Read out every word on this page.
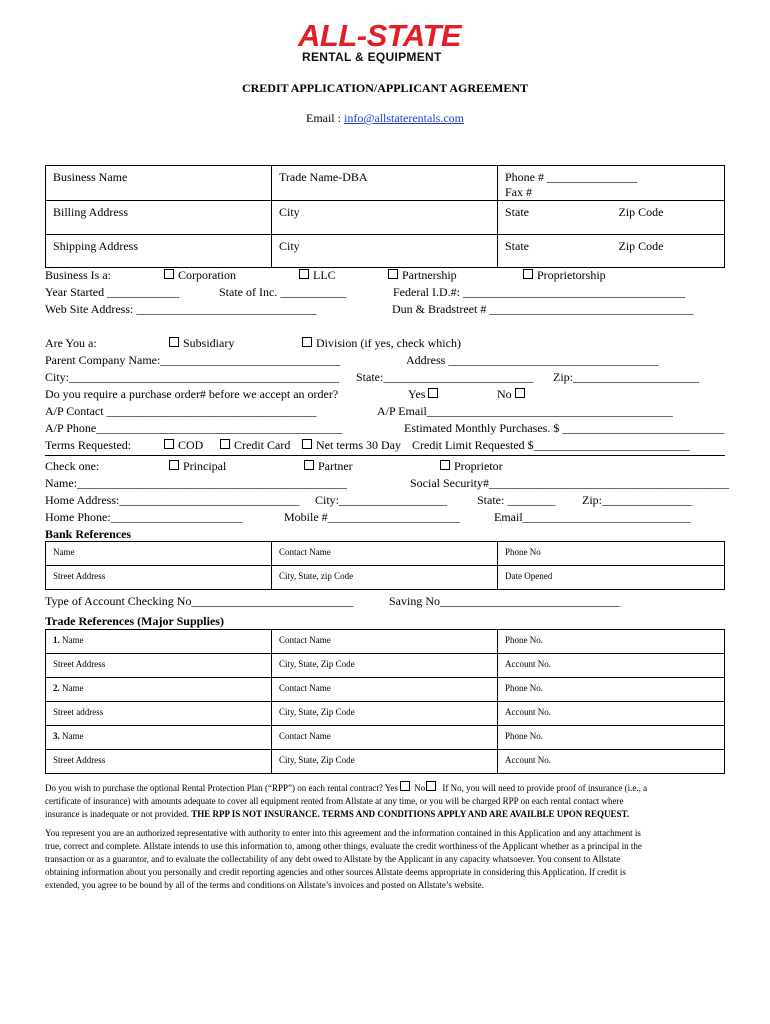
ALL-STATE
RENTAL & EQUIPMENT
CREDIT APPLICATION/APPLICANT AGREEMENT
Email : info@allstaterentals.com
Business Name	Trade Name-DBA	Phone # _______________
Fax #

Billing Address	City	State Zip Code

Shipping Address	City	State Zip Code
Business Is a:	Corporation	LLC	Partnership	Proprietorship
Year Started ____________	State of Inc. ___________	Federal I.D.#: _____________________________________
Web Site Address: ______________________________	Dun & Bradstreet # __________________________________
Are You a:	Subsidiary	Division (if yes, check which)
Parent Company Name:______________________________	Address ___________________________________
City:_____________________________________________ State:_________________________ Zip:_____________________
Do you require a purchase order# before we accept an order?	Yes	No
A/P Contact ___________________________________	A/P Email_________________________________________
A/P Phone_________________________________________	Estimated Monthly Purchases. $ ___________________________
Terms Requested:	COD	Credit Card	Net terms 30 Day Credit Limit Requested $__________________________
Check one:	Principal	Partner	Proprietor
Name:_____________________________________________	Social Security#________________________________________
Home Address:______________________________ City:__________________ State: ________ Zip:_______________
Home Phone:______________________	Mobile #______________________	Email____________________________
Bank References
Name	Contact Name	Phone No
Street Address	City, State, zip Code	Date Opened
Type of Account Checking No___________________________	Saving No______________________________
Trade References (Major Supplies)
1. Name	Contact Name	Phone No.
Street Address	City, State, Zip Code	Account No.
2. Name	Contact Name	Phone No.
Street address	City, State, Zip Code	Account No.
3. Name	Contact Name	Phone No.
Street Address	City, State, Zip Code	Account No.
Do you wish to purchase the optional Rental Protection Plan (“RPP”) on each rental contract? Yes No If No, you will need to provide proof of insurance (i.e., a
certificate of insurance) with amounts adequate to cover all equipment rented from Allstate at any time, or you will be charged RPP on each rental contact where
insurance is inadequate or not provided. THE RPP IS NOT INSURANCE. TERMS AND CONDITIONS APPLY AND ARE AVAILBLE UPON REQUEST.
You represent you are an authorized representative with authority to enter into this agreement and the information contained in this Application and any attachment is
true, correct and complete. Allstate intends to use this information to, among other things, evaluate the credit worthiness of the Applicant whether as a principal in the
transaction or as a guarantor, and to evaluate the collectability of any debt owed to Allstate by the Applicant in any capacity whatsoever. You consent to Allstate
obtaining information about you personally and credit reporting agencies and other sources Allstate deems appropriate in considering this Application. If credit is
extended, you agree to be bound by all of the terms and conditions on Allstate’s invoices and posted on Allstate’s website.
